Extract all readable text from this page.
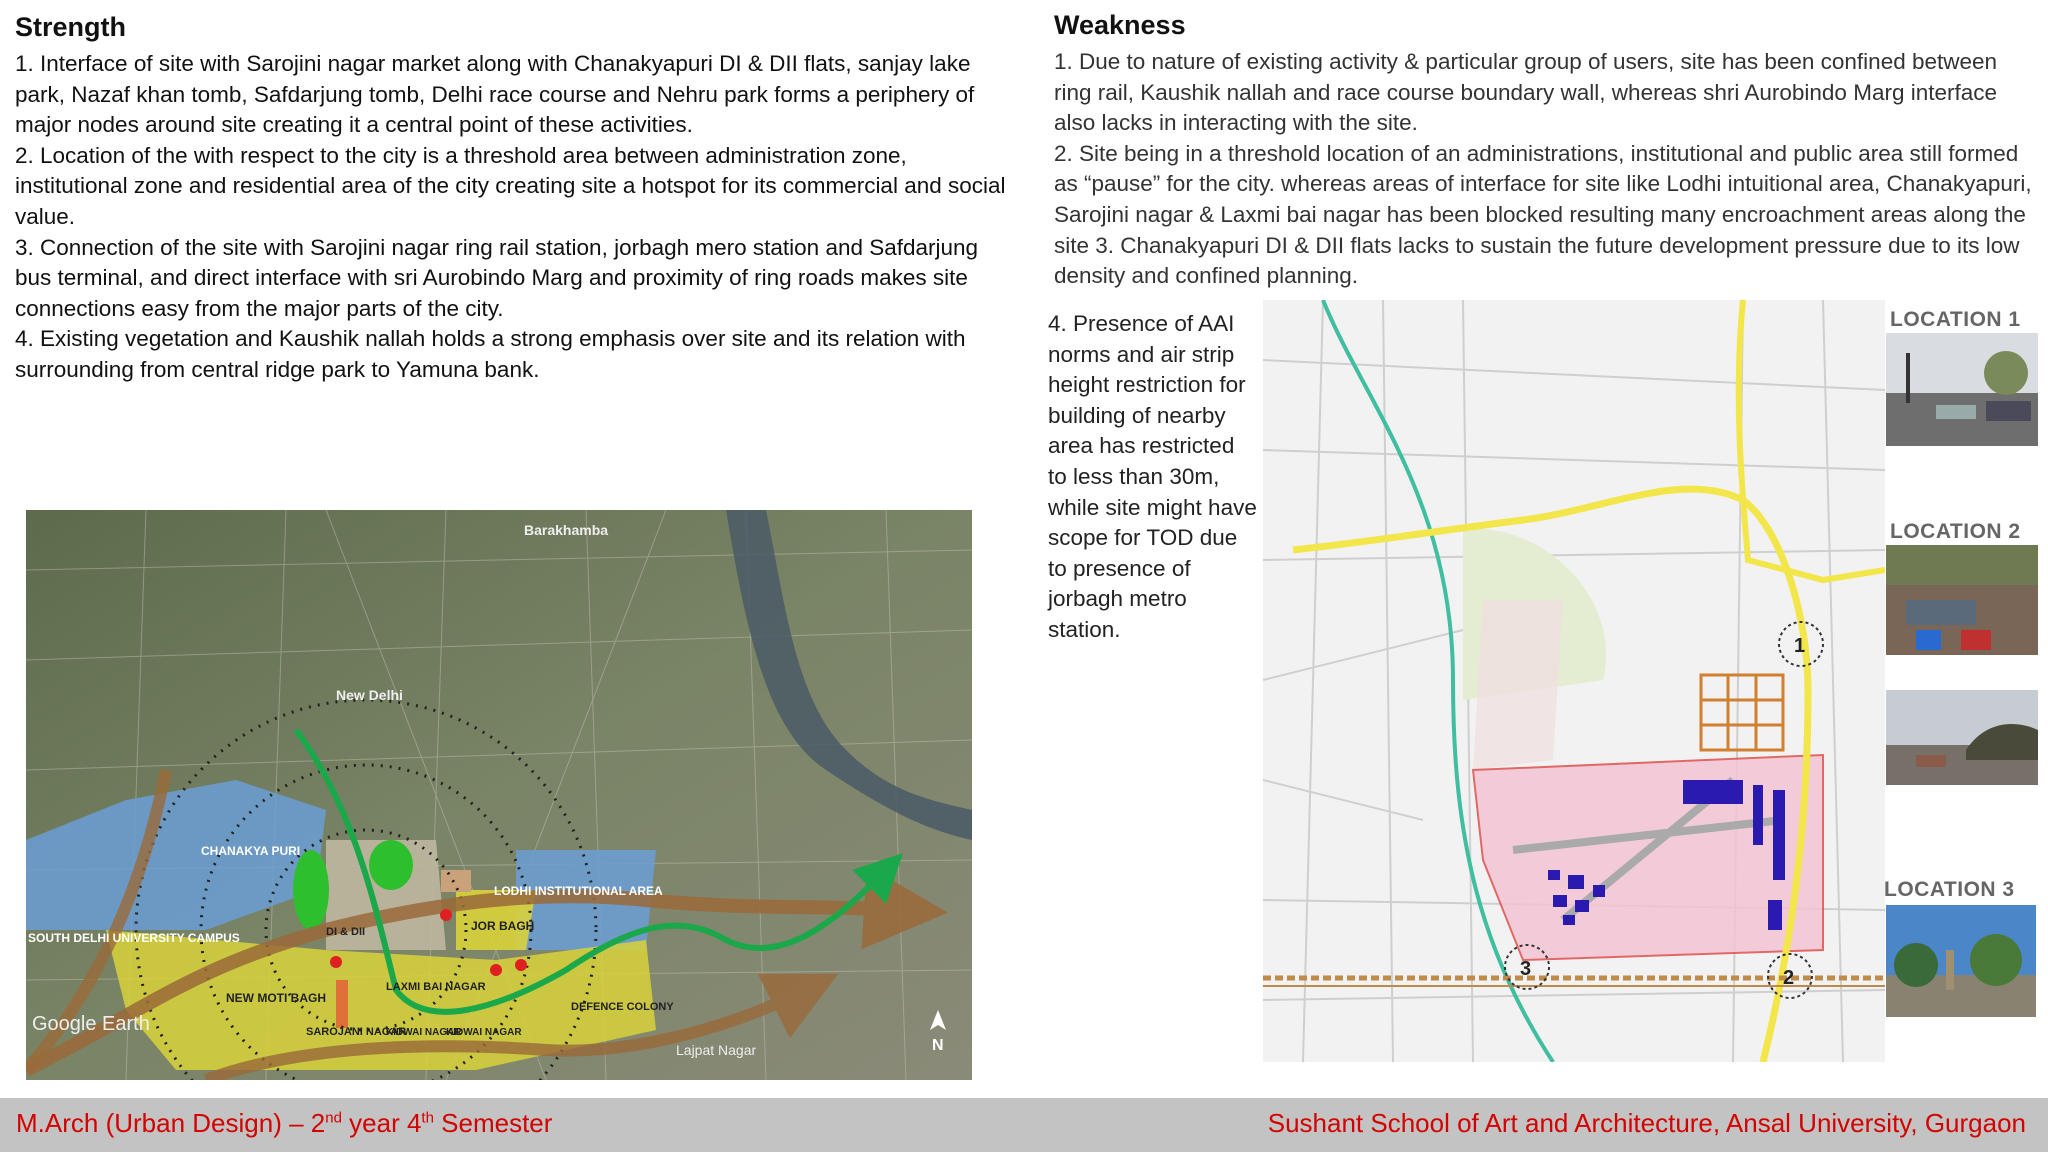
Strength

1. Interface of site with Sarojini nagar market along with Chanakyapuri DI & DII flats, sanjay lake park, Nazaf khan tomb, Safdarjung tomb, Delhi race course and Nehru park forms a periphery of major nodes around site creating it a central point of these activities.

2. Location of the with respect to the city is a threshold area between administration zone, institutional zone and residential area of the city creating site a hotspot for its commercial and social value.

3. Connection of the site with Sarojini nagar ring rail station, jorbagh mero station and Safdarjung bus terminal, and direct interface with sri Aurobindo Marg and proximity of ring roads makes site connections easy from the major parts of the city.

4. Existing vegetation and Kaushik nallah holds a strong emphasis over site and its relation with surrounding from central ridge park to Yamuna bank.

Weakness

1. Due to nature of existing activity & particular group of users, site has been confined between ring rail, Kaushik nallah and race course boundary wall, whereas shri Aurobindo Marg interface also lacks in interacting with the site.

2. Site being in a threshold location of an administrations, institutional and public area still formed as “pause” for the city. whereas areas of interface for site like Lodhi intuitional area, Chanakyapuri, Sarojini nagar & Laxmi bai nagar has been blocked resulting many encroachment areas along the site 3. Chanakyapuri DI & DII flats lacks to sustain the future development pressure due to its low density and confined planning.

4. Presence of AAI norms and air strip height restriction for building of nearby area has restricted to less than 30m, while site might have scope for TOD due to presence of jorbagh metro station.
Barakhamba
New Delhi
CHANAKYA PURI
LODHI INSTITUTIONAL AREA
JOR BAGH
SOUTH DELHI UNIVERSITY CAMPUS
NEW MOTI BAGH
SAROJANI NAGAR
KIDWAI NAGAR
KIDWAI NAGAR
LAXMI BAI NAGAR
DEFENCE COLONY
DI & DII
Lajpat Nagar
Google Earth
N
1
2
3
LOCATION 1
LOCATION 2
LOCATION 3
M.Arch (Urban Design) – 2nd year 4th Semester	Sushant School of Art and Architecture, Ansal University, Gurgaon
